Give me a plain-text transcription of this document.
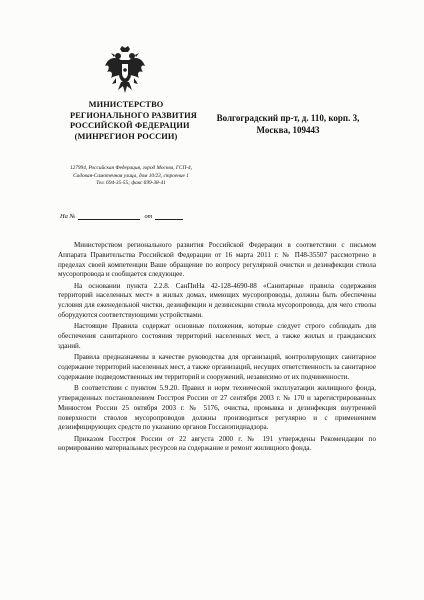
МИНИСТЕРСТВО
РЕГИОНАЛЬНОГО РАЗВИТИЯ
РОССИЙСКОЙ ФЕДЕРАЦИИ
(МИНРЕГИОН РОССИИ)
Волгоградский пр-т, д. 110, корп. 3,
Москва, 109443
127994, Российская Федерация, город Москва, ГСП-4,
Садовая-Самотечная улица, дом 10/23, строение 1
Тел. 694-35-55; факс 699-38-41
На №	от

Министерством регионального развития Российской Федерации в соответствии с письмом Аппарата Правительства Российской Федерации от 16 марта 2011 г. № П48-35507 рассмотрено в пределах своей компетенции Ваше обращение по вопросу регулярной очистки и дезинфекции ствола мусоропровода и сообщается следующее.

На основании пункта 2.2.8. СанПиНа 42-128-4690-88 «Санитарные правила содержания территорий населенных мест» в жилых домах, имеющих мусоропроводы, должны быть обеспечены условия для еженедельной чистки, дезинфекции и дезинсекции ствола мусоропровода, для чего стволы оборудуются соответствующими устройствами.

Настоящие Правила содержат основные положения, которые следует строго соблюдать для обеспечения санитарного состояния территорий населенных мест, а также жилых и гражданских зданий.

Правила предназначены в качестве руководства для организаций, контролирующих санитарное содержание территорий населенных мест, а также организаций, несущих ответственность за санитарное содержание подведомственных им территорий и сооружений, независимо от их подчиненности.

В соответствии с пунктом 5.9.20. Правил и норм технической эксплуатации жилищного фонда, утвержденных постановлением Госстроя России от 27 сентября 2003 г. № 170 и зарегистрированных Минюстом России 25 октября 2003 г. № 5176, очистка, промывка и дезинфекция внутренней поверхности стволов мусоропроводов должны производиться регулярно и с применением дезинфицирующих средств по указанию органов Госсанэпиднадзора.

Приказом Госстроя России от 22 августа 2000 г. № 191 утверждены Рекомендации по нормированию материальных ресурсов на содержание и ремонт жилищного фонда.
